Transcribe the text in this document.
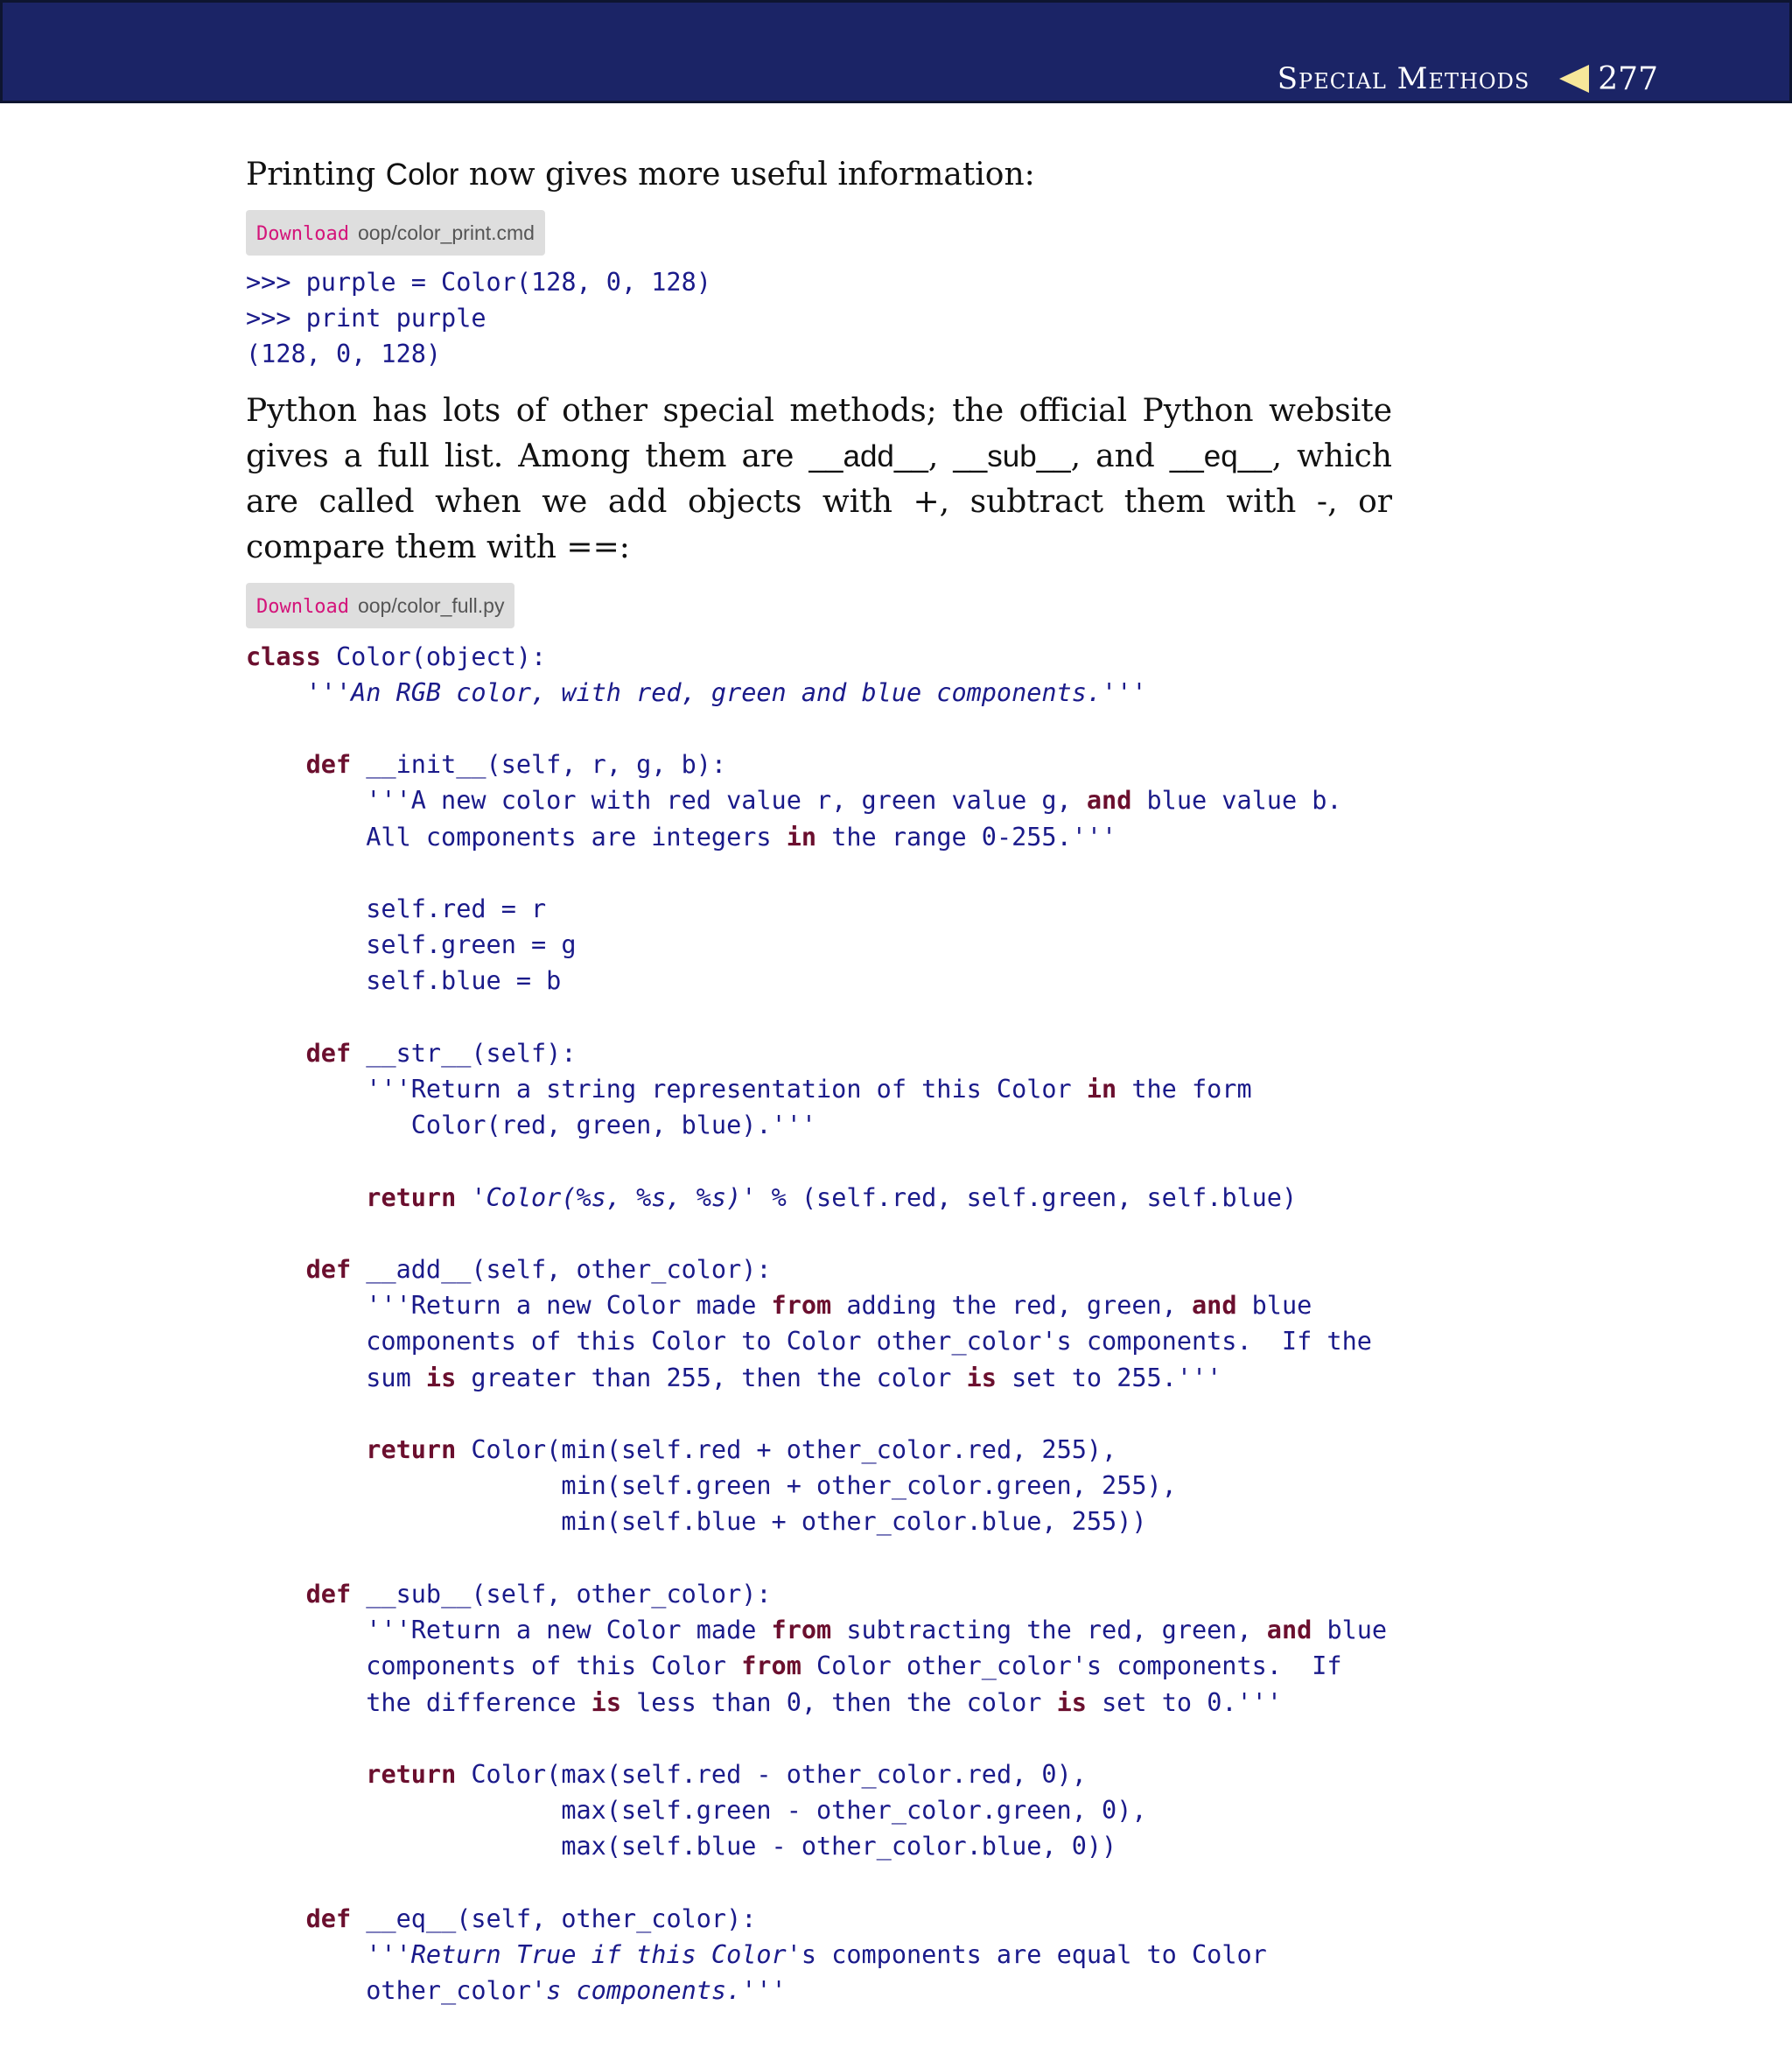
Special Methods 277

Printing Color now gives more useful information:

Download oop/color_print.cmd
>>> purple = Color(128, 0, 128)
>>> print purple
(128, 0, 128)

Python has lots of other special methods; the official Python website gives a full list. Among them are __add__, __sub__, and __eq__, which are called when we add objects with +, subtract them with -, or compare them with ==:

Download oop/color_full.py
class Color(object):
'''An RGB color, with red, green and blue components.'''
def __init__(self, r, g, b):
'''A new color with red value r, green value g, and blue value b.
All components are integers in the range 0-255.'''
self.red = r
self.green = g
self.blue = b
def __str__(self):
'''Return a string representation of this Color in the form
Color(red, green, blue).'''
return 'Color(%s, %s, %s)' % (self.red, self.green, self.blue)
def __add__(self, other_color):
'''Return a new Color made from adding the red, green, and blue
components of this Color to Color other_color's components.  If the
sum is greater than 255, then the color is set to 255.'''
return Color(min(self.red + other_color.red, 255),
min(self.green + other_color.green, 255),
min(self.blue + other_color.blue, 255))
def __sub__(self, other_color):
'''Return a new Color made from subtracting the red, green, and blue
components of this Color from Color other_color's components.  If
the difference is less than 0, then the color is set to 0.'''
return Color(max(self.red - other_color.red, 0),
max(self.green - other_color.green, 0),
max(self.blue - other_color.blue, 0))
def __eq__(self, other_color):
'''Return True if this Color's components are equal to Color
other_color's components.'''
